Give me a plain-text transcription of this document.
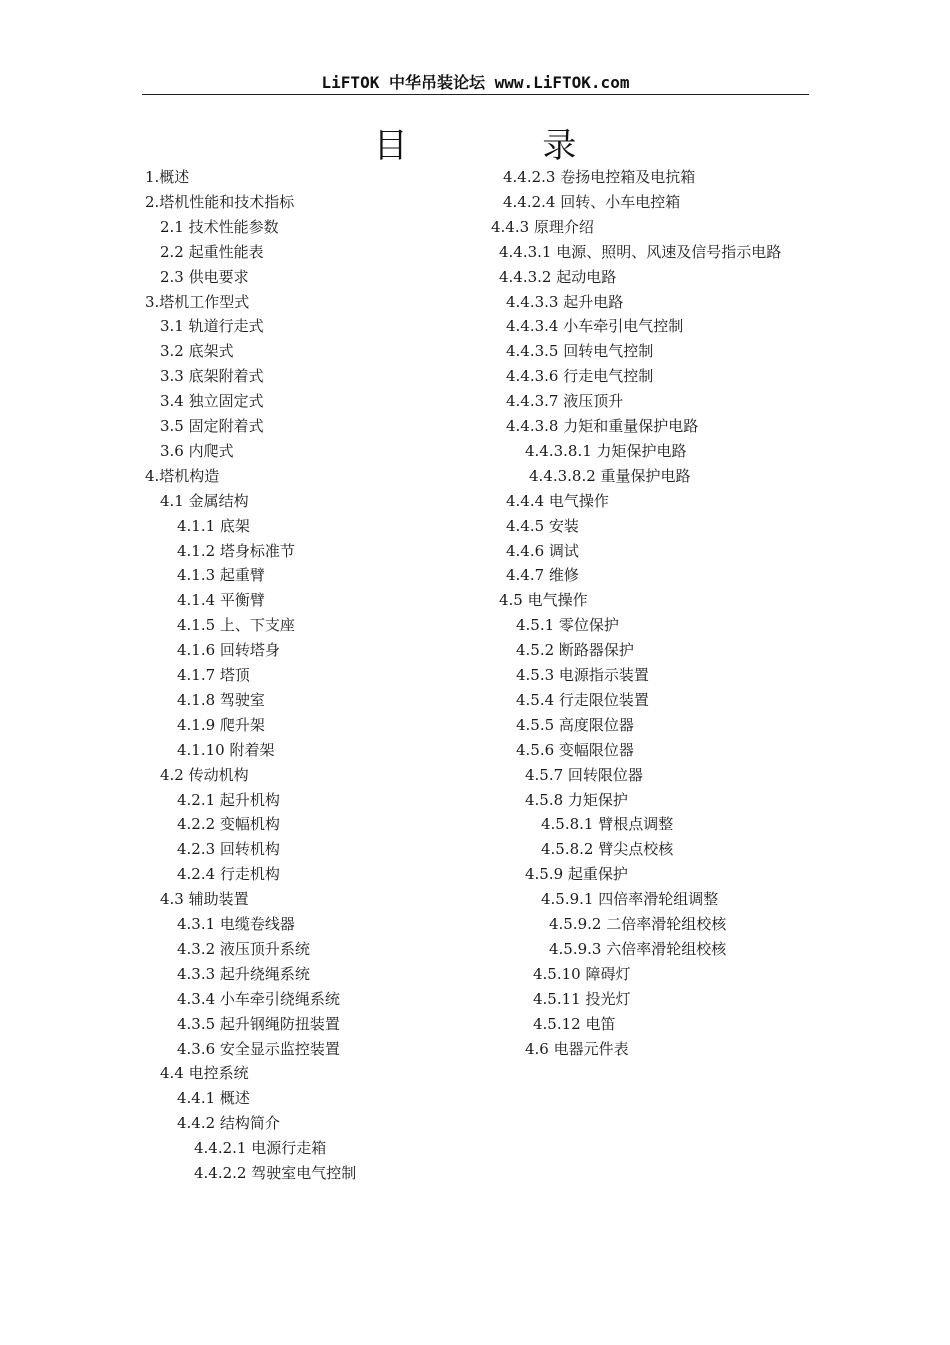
LiFTOK 中华吊装论坛 www.LiFTOK.com
目 录
1.概述
2.塔机性能和技术指标
2.1 技术性能参数
2.2 起重性能表
2.3 供电要求
3.塔机工作型式
3.1 轨道行走式
3.2 底架式
3.3 底架附着式
3.4 独立固定式
3.5 固定附着式
3.6 内爬式
4.塔机构造
4.1 金属结构
4.1.1 底架
4.1.2 塔身标准节
4.1.3 起重臂
4.1.4 平衡臂
4.1.5 上、下支座
4.1.6 回转塔身
4.1.7 塔顶
4.1.8 驾驶室
4.1.9 爬升架
4.1.10 附着架
4.2 传动机构
4.2.1 起升机构
4.2.2 变幅机构
4.2.3 回转机构
4.2.4 行走机构
4.3 辅助装置
4.3.1 电缆卷线器
4.3.2 液压顶升系统
4.3.3 起升绕绳系统
4.3.4 小车牵引绕绳系统
4.3.5 起升钢绳防扭装置
4.3.6 安全显示监控装置
4.4 电控系统
4.4.1 概述
4.4.2 结构简介
4.4.2.1 电源行走箱
4.4.2.2 驾驶室电气控制
4.4.2.3 卷扬电控箱及电抗箱
4.4.2.4 回转、小车电控箱
4.4.3 原理介绍
4.4.3.1 电源、照明、风速及信号指示电路
4.4.3.2 起动电路
4.4.3.3 起升电路
4.4.3.4 小车牵引电气控制
4.4.3.5 回转电气控制
4.4.3.6 行走电气控制
4.4.3.7 液压顶升
4.4.3.8 力矩和重量保护电路
4.4.3.8.1 力矩保护电路
4.4.3.8.2 重量保护电路
4.4.4 电气操作
4.4.5 安装
4.4.6 调试
4.4.7 维修
4.5 电气操作
4.5.1 零位保护
4.5.2 断路器保护
4.5.3 电源指示装置
4.5.4 行走限位装置
4.5.5 高度限位器
4.5.6 变幅限位器
4.5.7 回转限位器
4.5.8 力矩保护
4.5.8.1 臂根点调整
4.5.8.2 臂尖点校核
4.5.9 起重保护
4.5.9.1 四倍率滑轮组调整
4.5.9.2 二倍率滑轮组校核
4.5.9.3 六倍率滑轮组校核
4.5.10 障碍灯
4.5.11 投光灯
4.5.12 电笛
4.6 电器元件表
